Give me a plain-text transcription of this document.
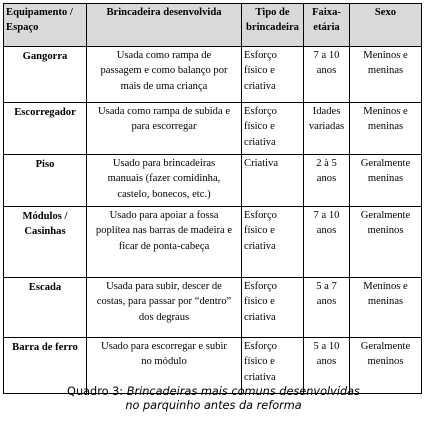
Equipamento / Espaço	Brincadeira desenvolvida	Tipo de brincadeira	Faixa-etária	Sexo
Gangorra	Usada como rampa de passagem e como balanço por mais de uma criança	Esforço físico e criativa	7 a 10 anos	Meninos e meninas
Escorregador	Usada como rampa de subida e para escorregar	Esforço físico e criativa	Idades variadas	Meninos e meninas
Piso	Usado para brincadeiras manuais (fazer comidinha, castelo, bonecos, etc.)	Criativa	2 à 5 anos	Geralmente meninas
Módulos / Casinhas	Usado para apoiar a fossa poplítea nas barras de madeira e ficar de ponta-cabeça	Esforço físico e criativa	7 a 10 anos	Geralmente meninos
Escada	Usada para subir, descer de costas, para passar por “dentro” dos degraus	Esforço físico e criativa	5 a 7 anos	Meninos e meninas
Barra de ferro	Usado para escorregar e subir no módulo	Esforço físico e criativa	5 a 10 anos	Geralmente meninos
Quadro 3: Brincadeiras mais comuns desenvolvidas
no parquinho antes da reforma
